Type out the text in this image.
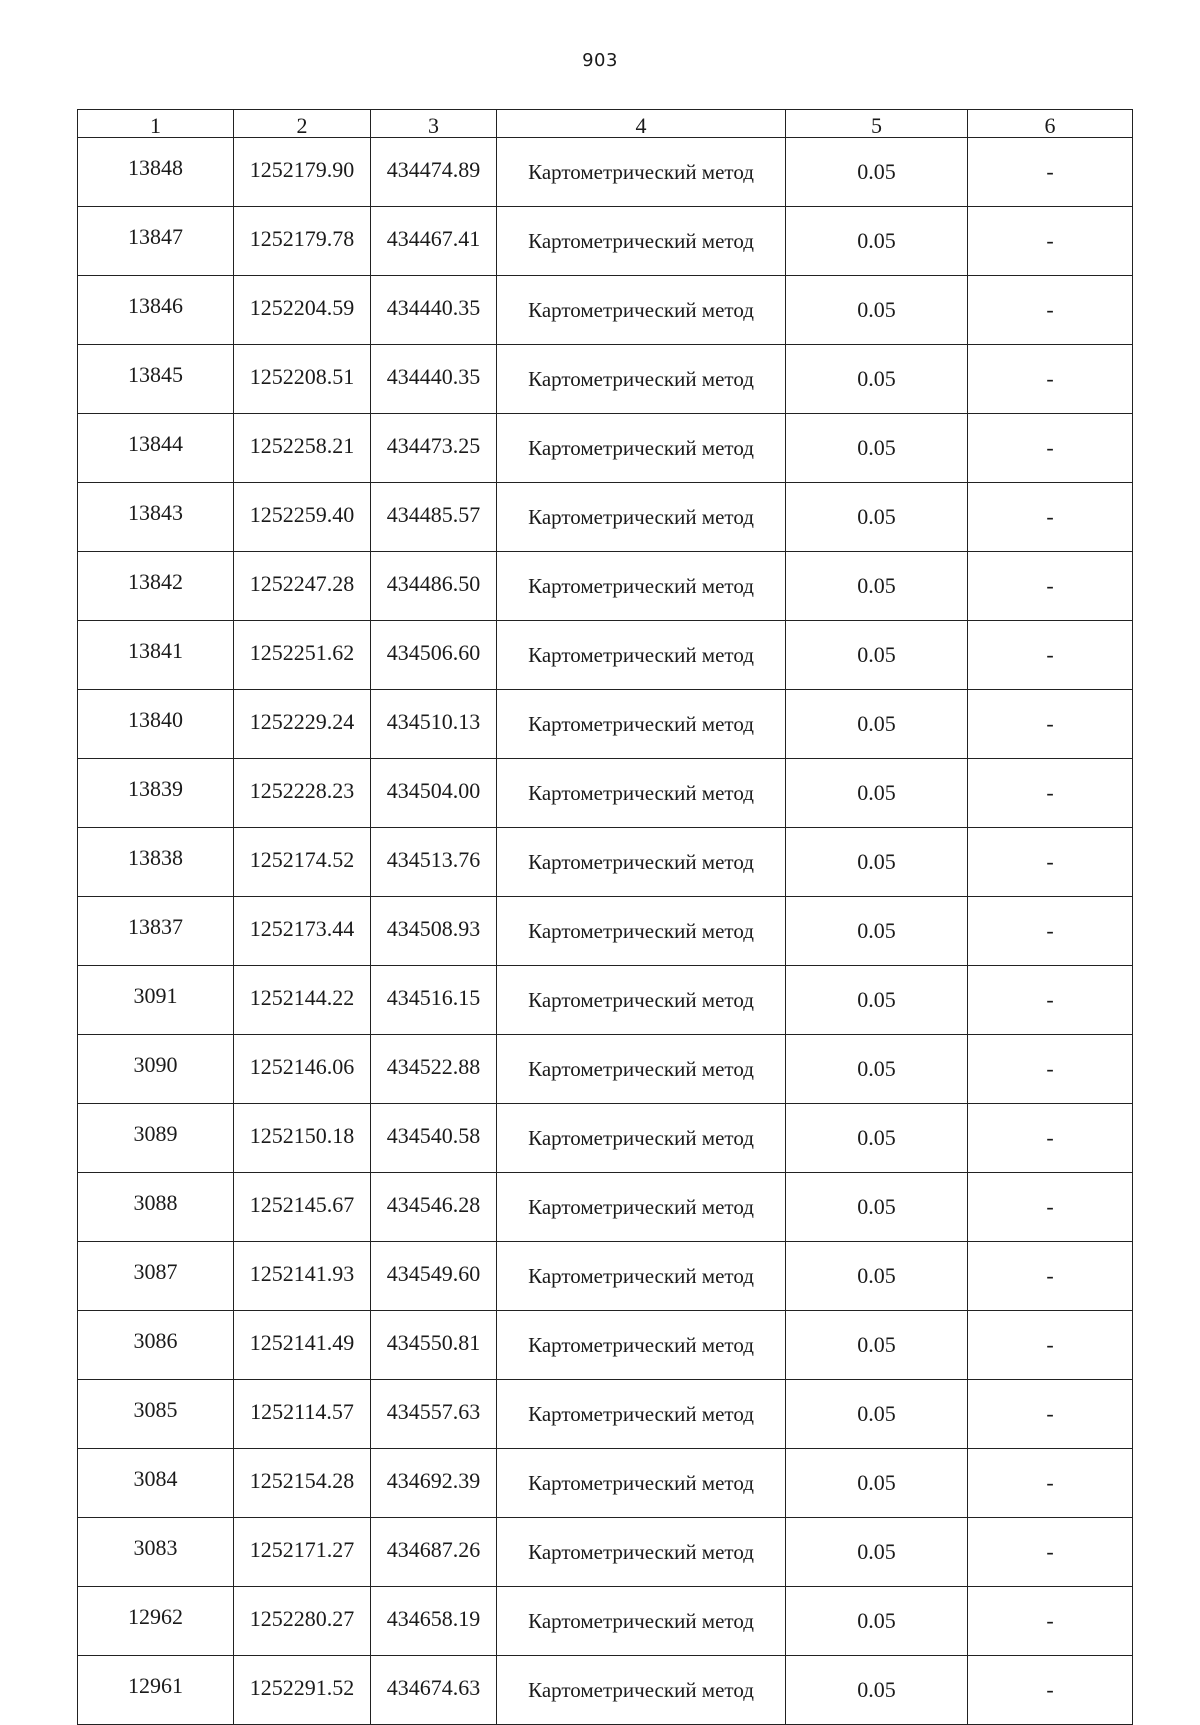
903
1	2	3	4	5	6
13848	1252179.90	434474.89	Картометрический метод	0.05	-
13847	1252179.78	434467.41	Картометрический метод	0.05	-
13846	1252204.59	434440.35	Картометрический метод	0.05	-
13845	1252208.51	434440.35	Картометрический метод	0.05	-
13844	1252258.21	434473.25	Картометрический метод	0.05	-
13843	1252259.40	434485.57	Картометрический метод	0.05	-
13842	1252247.28	434486.50	Картометрический метод	0.05	-
13841	1252251.62	434506.60	Картометрический метод	0.05	-
13840	1252229.24	434510.13	Картометрический метод	0.05	-
13839	1252228.23	434504.00	Картометрический метод	0.05	-
13838	1252174.52	434513.76	Картометрический метод	0.05	-
13837	1252173.44	434508.93	Картометрический метод	0.05	-
3091	1252144.22	434516.15	Картометрический метод	0.05	-
3090	1252146.06	434522.88	Картометрический метод	0.05	-
3089	1252150.18	434540.58	Картометрический метод	0.05	-
3088	1252145.67	434546.28	Картометрический метод	0.05	-
3087	1252141.93	434549.60	Картометрический метод	0.05	-
3086	1252141.49	434550.81	Картометрический метод	0.05	-
3085	1252114.57	434557.63	Картометрический метод	0.05	-
3084	1252154.28	434692.39	Картометрический метод	0.05	-
3083	1252171.27	434687.26	Картометрический метод	0.05	-
12962	1252280.27	434658.19	Картометрический метод	0.05	-
12961	1252291.52	434674.63	Картометрический метод	0.05	-
